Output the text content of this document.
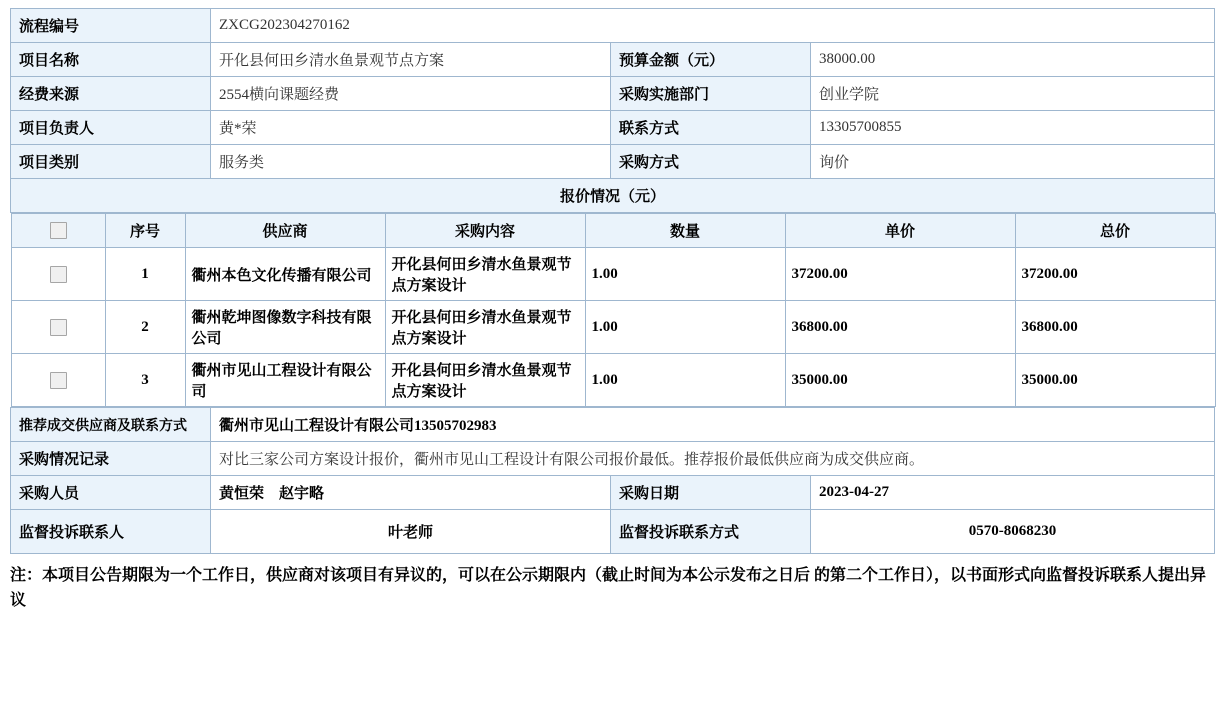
流程编号	ZXCG202304270162
项目名称	开化县何田乡清水鱼景观节点方案	预算金额（元）	38000.00
经费来源	2554横向课题经费	采购实施部门	创业学院
项目负责人	黄*荣	联系方式	13305700855
项目类别	服务类	采购方式	询价
报价情况（元）

	序号	供应商	采购内容	数量	单价	总价
	1	衢州本色文化传播有限公司	开化县何田乡清水鱼景观节点方案设计	1.00	37200.00	37200.00
	2	衢州乾坤图像数字科技有限公司	开化县何田乡清水鱼景观节点方案设计	1.00	36800.00	36800.00
	3	衢州市见山工程设计有限公司	开化县何田乡清水鱼景观节点方案设计	1.00	35000.00	35000.00

推荐成交供应商及联系方式	衢州市见山工程设计有限公司13505702983
采购情况记录	对比三家公司方案设计报价，衢州市见山工程设计有限公司报价最低。推荐报价最低供应商为成交供应商。
采购人员	黄恒荣　赵宇略	采购日期	2023-04-27
监督投诉联系人	叶老师	监督投诉联系方式	0570-8068230
注：本项目公告期限为一个工作日，供应商对该项目有异议的，可以在公示期限内（截止时间为本公示发布之日后 的第二个工作日），以书面形式向监督投诉联系人提出异议
